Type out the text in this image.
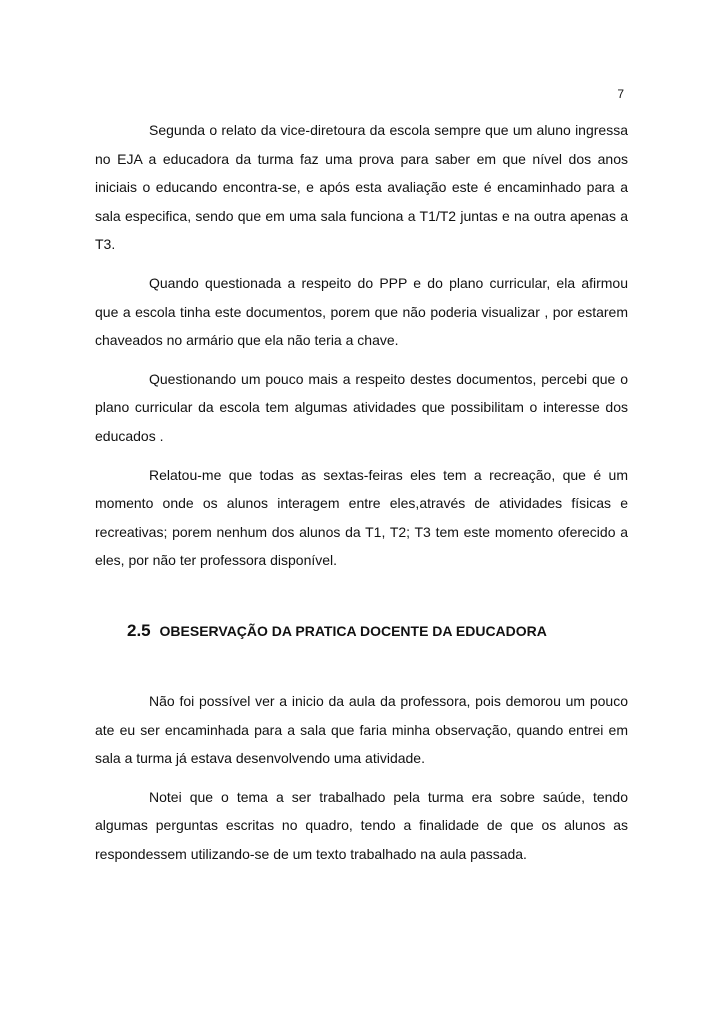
7

Segunda o relato da vice-diretoura da escola sempre que um aluno ingressa no EJA a educadora da turma faz uma prova para saber em que nível dos anos iniciais o educando encontra-se, e após esta avaliação este é encaminhado para a sala especifica, sendo que em uma sala funciona a T1/T2 juntas e na outra apenas a T3.

Quando questionada a respeito do PPP e do plano curricular, ela afirmou que a escola tinha este documentos, porem que não poderia visualizar , por estarem chaveados no armário que ela não teria a chave.

Questionando um pouco mais a respeito destes documentos, percebi que o plano curricular da escola tem algumas atividades que possibilitam o interesse dos educados .

Relatou-me que todas as sextas-feiras eles tem a recreação, que é um momento onde os alunos interagem entre eles,através de atividades físicas e recreativas; porem nenhum dos alunos da T1, T2; T3 tem este momento oferecido a eles, por não ter professora disponível.

2.5 OBESERVAÇÃO DA PRATICA DOCENTE DA EDUCADORA

Não foi possível ver a inicio da aula da professora, pois demorou um pouco ate eu ser encaminhada para a sala que faria minha observação, quando entrei em sala a turma já estava desenvolvendo uma atividade.

Notei que o tema a ser trabalhado pela turma era sobre saúde, tendo algumas perguntas escritas no quadro, tendo a finalidade de que os alunos as respondessem utilizando-se de um texto trabalhado na aula passada.
